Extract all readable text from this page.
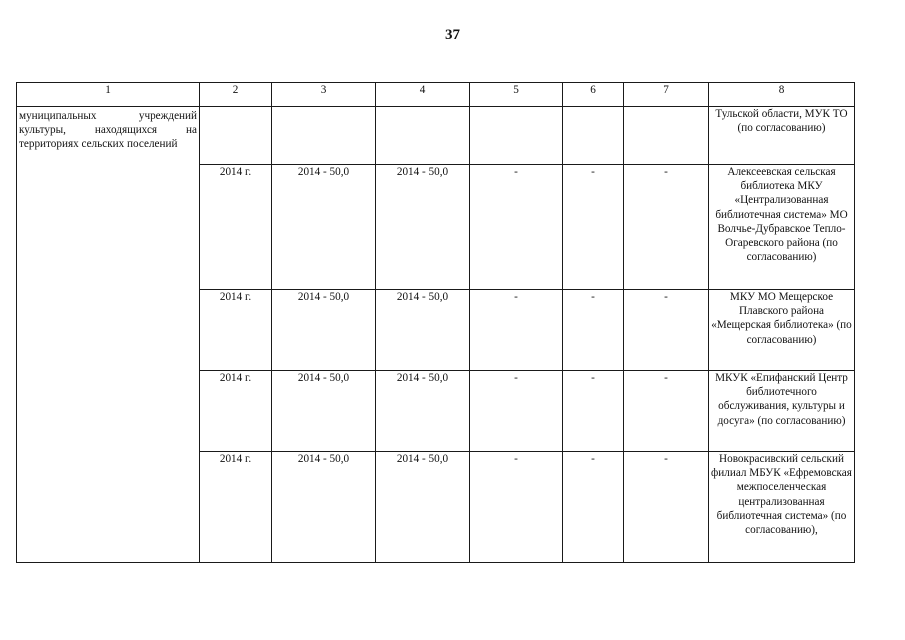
37
1	2	3	4	5	6	7	8
муниципальных учреждений культуры, находящихся на территориях сельских поселений							Тульской области, МУК ТО (по согласованию)
	2014 г.	2014 - 50,0	2014 - 50,0	-	-	-	Алексеевская сельская библиотека МКУ «Централизованная библиотечная система» МО Волчье-Дубравское Тепло-Огаревского района (по согласованию)
	2014 г.	2014 - 50,0	2014 - 50,0	-	-	-	МКУ МО Мещерское Плавского района «Мещерская библиотека» (по согласованию)
	2014 г.	2014 - 50,0	2014 - 50,0	-	-	-	МКУК «Епифанский Центр библиотечного обслуживания, культуры и досуга» (по согласованию)
	2014 г.	2014 - 50,0	2014 - 50,0	-	-	-	Новокрасивский сельский филиал МБУК «Ефремовская межпоселенческая централизованная библиотечная система» (по согласованию),
